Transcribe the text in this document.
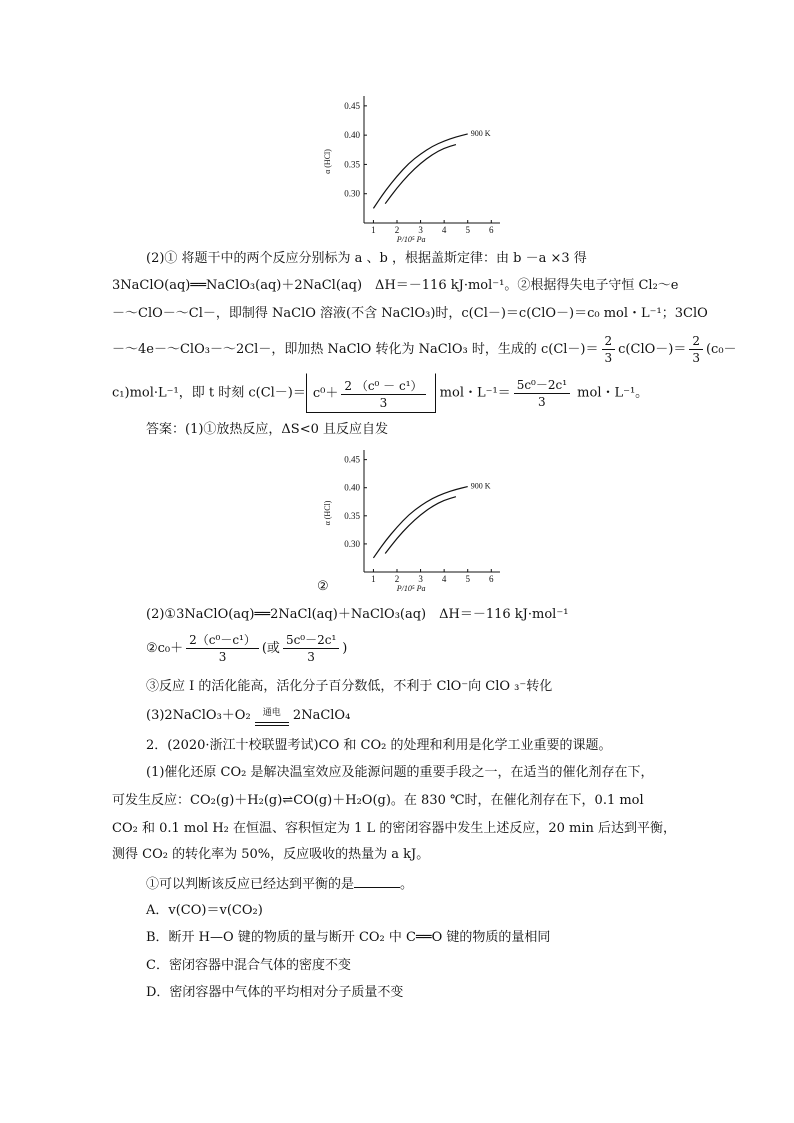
0.30
0.35
0.40
0.45
1 2 3 4 5 6
P/10⁵ Pa
α (HCl)
900 K
(2)① 将题干中的两个反应分别标为 a 、b ，根据盖斯定律：由 b －a ×3 得
3NaClO(aq)══NaClO₃(aq)＋2NaCl(aq)　ΔH＝－116 kJ·mol⁻¹。②根据得失电子守恒 Cl₂～e
－～ClO－～Cl－，即制得 NaClO 溶液(不含 NaClO₃)时，c(Cl－)＝c(ClO－)＝c₀ mol・L⁻¹；3ClO
－～4e－～ClO₃－～2Cl－，即加热 NaClO 转化为 NaClO₃ 时，生成的 $c(Cl-)= \frac{2}{3} c(ClO-)= \frac{2}{3} (c_0-$
c₁)mol·L⁻¹，即 t 时刻 $c(Cl-)= c^0+ \frac{\text{2 （c⁰ － c¹）}}{3}$ mol・$L^{-1}= \frac{\text{5c⁰－2c¹}}{3}$ mol・L⁻¹。
答案：(1)①放热反应，ΔS<0 且反应自发
0.30
0.35
0.40
0.45
1 2 3 4 5 6
P/10⁵ Pa
α (HCl)
900 K
②
(2)①3NaClO(aq)══2NaCl(aq)＋NaClO₃(aq)　ΔH＝－116 kJ·mol⁻¹
②c₀＋ $\frac{\text{2（c⁰－c¹）}}{3}$ (或 $\frac{\text{5c⁰－2c¹}}{3}$ )
③反应 Ⅰ 的活化能高，活化分子百分数低，不利于 ClO⁻向 ClO ₃⁻转化
(3)2NaClO₃＋O₂ 通电 2NaClO₄
2．(2020·浙江十校联盟考试)CO 和 CO₂ 的处理和利用是化学工业重要的课题。
(1)催化还原 CO₂ 是解决温室效应及能源问题的重要手段之一，在适当的催化剂存在下，
可发生反应：CO₂(g)＋H₂(g)⇌CO(g)＋H₂O(g)。在 830 ℃时，在催化剂存在下，0.1 mol
CO₂ 和 0.1 mol H₂ 在恒温、容积恒定为 1 L 的密闭容器中发生上述反应，20 min 后达到平衡，
测得 CO₂ 的转化率为 50%，反应吸收的热量为 a kJ。
①可以判断该反应已经达到平衡的是	。
A．v(CO)＝v(CO₂)
B．断开 H—O 键的物质的量与断开 CO₂ 中 C══O 键的物质的量相同
C．密闭容器中混合气体的密度不变
D．密闭容器中气体的平均相对分子质量不变
